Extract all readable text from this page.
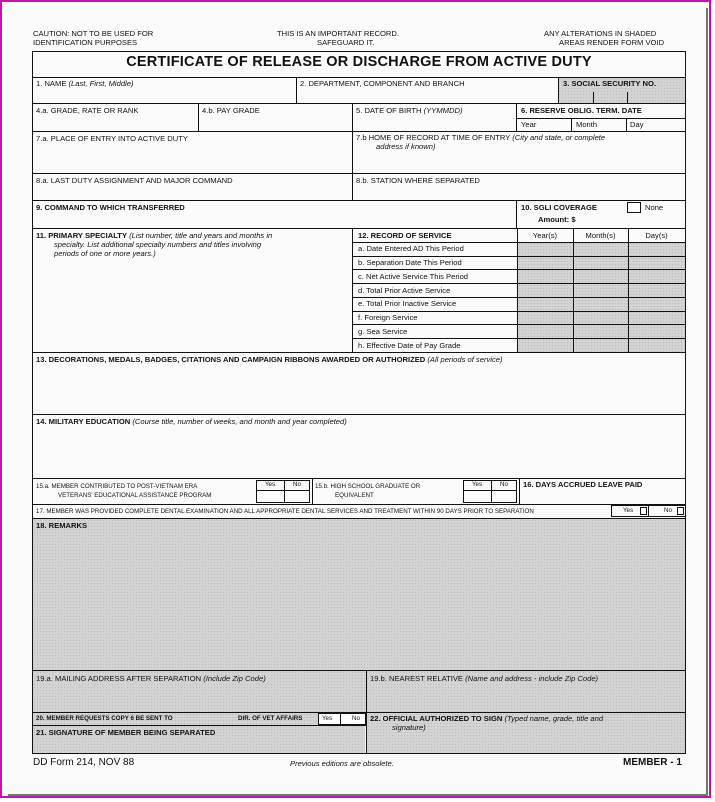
CAUTION: NOT TO BE USED FOR
IDENTIFICATION PURPOSES
THIS IS AN IMPORTANT RECORD.
SAFEGUARD IT.
ANY ALTERATIONS IN SHADED
AREAS RENDER FORM VOID
CERTIFICATE OF RELEASE OR DISCHARGE FROM ACTIVE DUTY
1. NAME (Last, First, Middle)	2. DEPARTMENT, COMPONENT AND BRANCH	3. SOCIAL SECURITY NO.
4.a. GRADE, RATE OR RANK	4.b. PAY GRADE	5. DATE OF BIRTH (YYMMDD)	6. RESERVE OBLIG. TERM. DATE
Year	Month	Day
7.a. PLACE OF ENTRY INTO ACTIVE DUTY	7.b HOME OF RECORD AT TIME OF ENTRY (City and state, or complete
address if known)
8.a. LAST DUTY ASSIGNMENT AND MAJOR COMMAND	8.b. STATION WHERE SEPARATED
9. COMMAND TO WHICH TRANSFERRED	10. SGLI COVERAGE	None
Amount: $
11. PRIMARY SPECIALTY (List number, title and years and months in
specialty. List additional specialty numbers and titles involving
periods of one or more years.)
12. RECORD OF SERVICE	Year(s)	Month(s)	Day(s)
a. Date Entered AD This Period
b. Separation Date This Period
c. Net Active Service This Period
d. Total Prior Active Service
e. Total Prior Inactive Service
f. Foreign Service
g. Sea Service
h. Effective Date of Pay Grade
13. DECORATIONS, MEDALS, BADGES, CITATIONS AND CAMPAIGN RIBBONS AWARDED OR AUTHORIZED (All periods of service)
14. MILITARY EDUCATION (Course title, number of weeks, and month and year completed)
15.a. MEMBER CONTRIBUTED TO POST-VIETNAM ERA
VETERANS' EDUCATIONAL ASSISTANCE PROGRAM
Yes	No	15.b. HIGH SCHOOL GRADUATE OR
EQUIVALENT
Yes	No	16. DAYS ACCRUED LEAVE PAID
17. MEMBER WAS PROVIDED COMPLETE DENTAL EXAMINATION AND ALL APPROPRIATE DENTAL SERVICES AND TREATMENT WITHIN 90 DAYS PRIOR TO SEPARATION	Yes	No
18. REMARKS
19.a. MAILING ADDRESS AFTER SEPARATION (Include Zip Code)	19.b. NEAREST RELATIVE (Name and address - include Zip Code)
20. MEMBER REQUESTS COPY 6 BE SENT TO	DIR. OF VET AFFAIRS	Yes	No
21. SIGNATURE OF MEMBER BEING SEPARATED
22. OFFICIAL AUTHORIZED TO SIGN (Typed name, grade, title and
signature)
DD Form 214, NOV 88	Previous editions are obsolete.	MEMBER - 1
